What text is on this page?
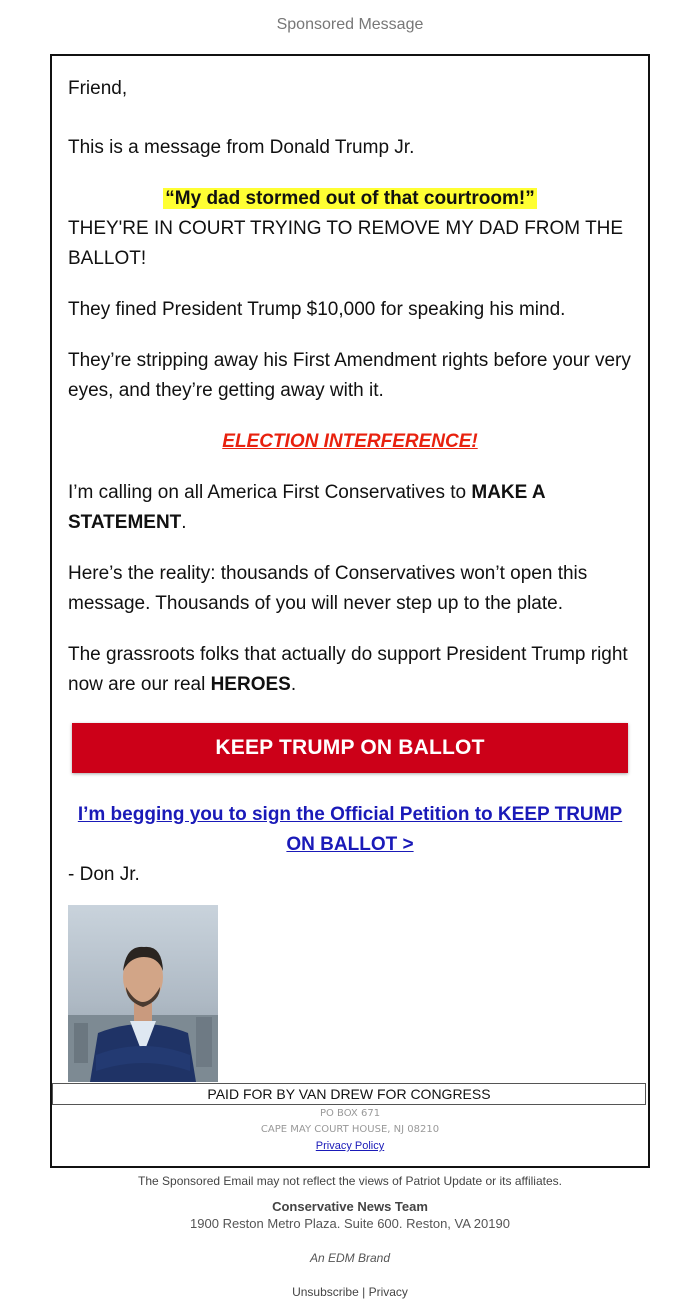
Sponsored Message

Friend,

This is a message from Donald Trump Jr.

“My dad stormed out of that courtroom!”

THEY'RE IN COURT TRYING TO REMOVE MY DAD FROM THE BALLOT!

They fined President Trump $10,000 for speaking his mind.

They’re stripping away his First Amendment rights before your very eyes, and they’re getting away with it.

ELECTION INTERFERENCE!

I’m calling on all America First Conservatives to MAKE A STATEMENT.

Here’s the reality: thousands of Conservatives won’t open this message. Thousands of you will never step up to the plate.

The grassroots folks that actually do support President Trump right now are our real HEROES.

KEEP TRUMP ON BALLOT
I’m begging you to sign the Official Petition to KEEP TRUMP ON BALLOT >

- Don Jr.

PAID FOR BY VAN DREW FOR CONGRESS
PO BOX 671
CAPE MAY COURT HOUSE, NJ 08210
Privacy Policy
The Sponsored Email may not reflect the views of Patriot Update or its affiliates.
Conservative News Team
1900 Reston Metro Plaza. Suite 600. Reston, VA 20190
An EDM Brand
Unsubscribe | Privacy
